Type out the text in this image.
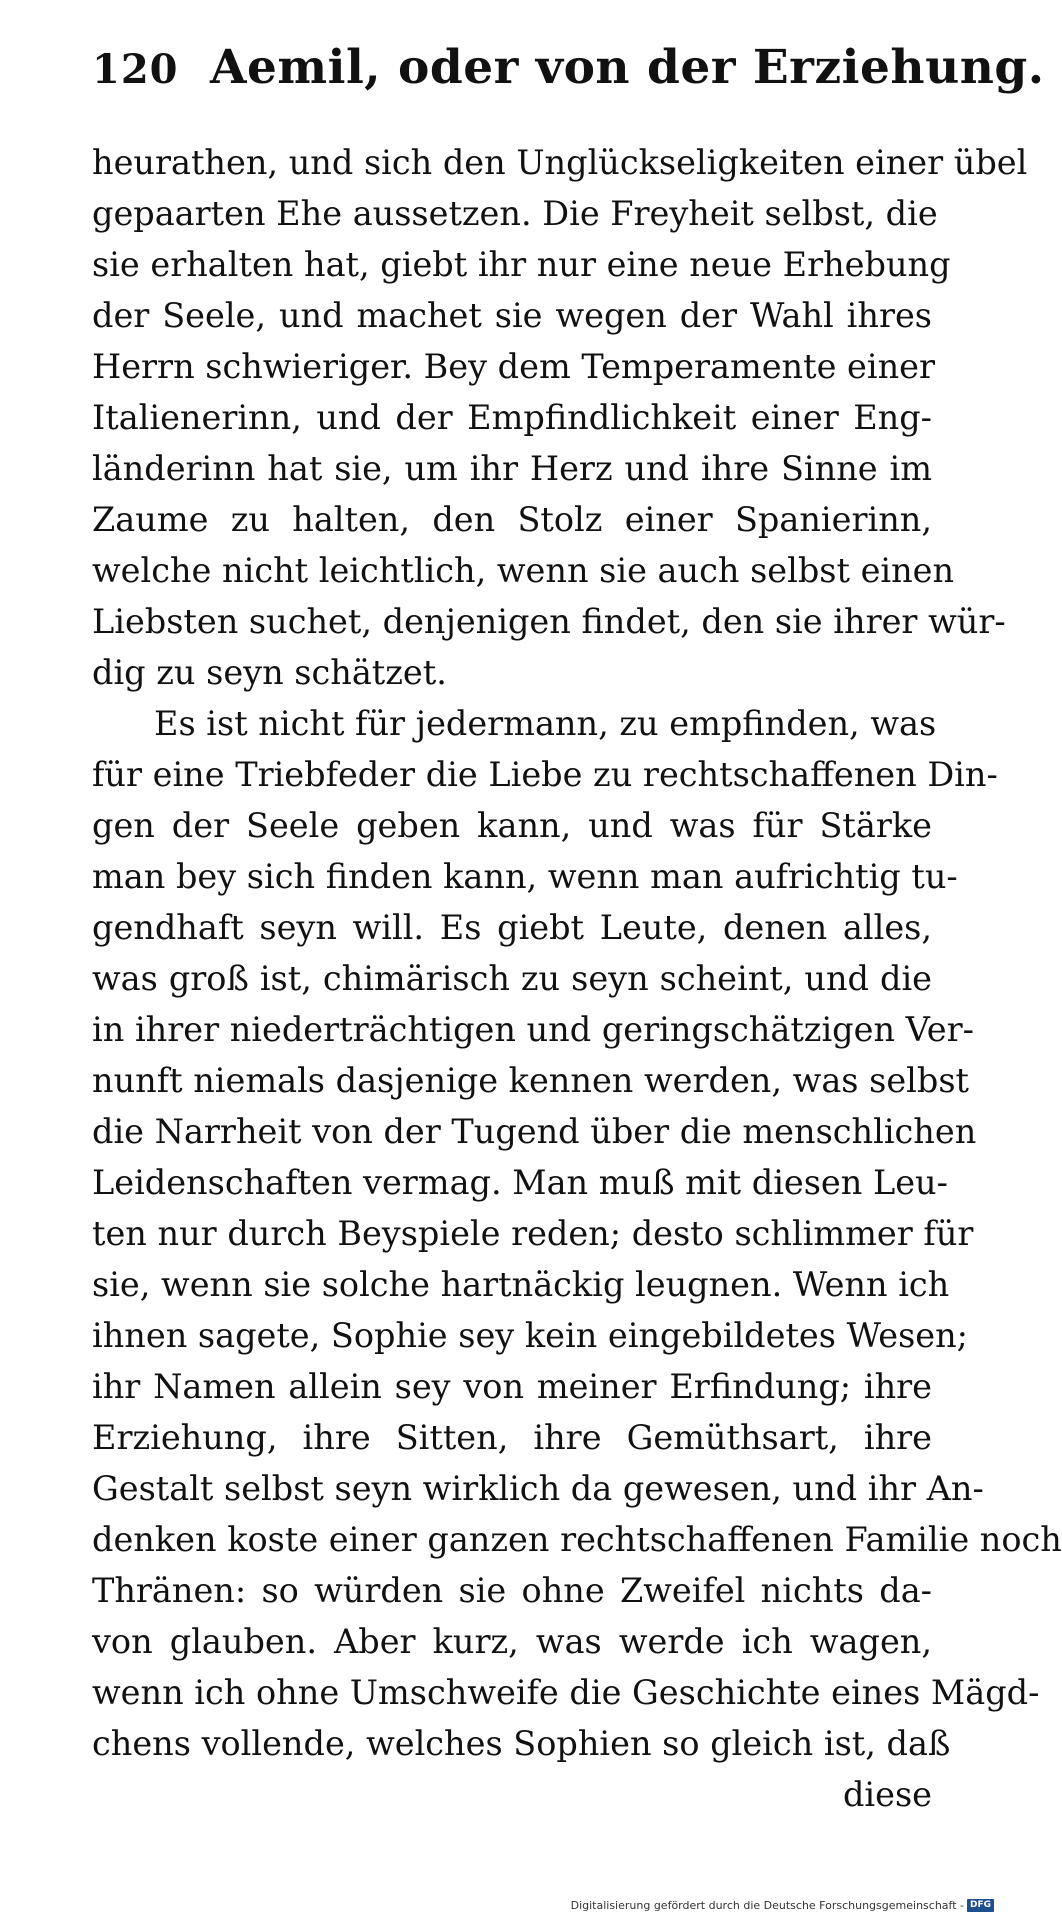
120 Aemil, oder von der Erziehung.
heurathen, und sich den Unglückseligkeiten einer übel
gepaarten Ehe aussetzen. Die Freyheit selbst, die
sie erhalten hat, giebt ihr nur eine neue Erhebung
der Seele, und machet sie wegen der Wahl ihres
Herrn schwieriger. Bey dem Temperamente einer
Italienerinn, und der Empfindlichkeit einer Eng-
länderinn hat sie, um ihr Herz und ihre Sinne im
Zaume zu halten, den Stolz einer Spanierinn,
welche nicht leichtlich, wenn sie auch selbst einen
Liebsten suchet, denjenigen findet, den sie ihrer wür-
dig zu seyn schätzet.
Es ist nicht für jedermann, zu empfinden, was
für eine Triebfeder die Liebe zu rechtschaffenen Din-
gen der Seele geben kann, und was für Stärke
man bey sich finden kann, wenn man aufrichtig tu-
gendhaft seyn will. Es giebt Leute, denen alles,
was groß ist, chimärisch zu seyn scheint, und die
in ihrer niederträchtigen und geringschätzigen Ver-
nunft niemals dasjenige kennen werden, was selbst
die Narrheit von der Tugend über die menschlichen
Leidenschaften vermag. Man muß mit diesen Leu-
ten nur durch Beyspiele reden; desto schlimmer für
sie, wenn sie solche hartnäckig leugnen. Wenn ich
ihnen sagete, Sophie sey kein eingebildetes Wesen;
ihr Namen allein sey von meiner Erfindung; ihre
Erziehung, ihre Sitten, ihre Gemüthsart, ihre
Gestalt selbst seyn wirklich da gewesen, und ihr An-
denken koste einer ganzen rechtschaffenen Familie noch
Thränen: so würden sie ohne Zweifel nichts da-
von glauben. Aber kurz, was werde ich wagen,
wenn ich ohne Umschweife die Geschichte eines Mägd-
chens vollende, welches Sophien so gleich ist, daß
diese
Digitalisierung gefördert durch die Deutsche Forschungsgemeinschaft - DFG
